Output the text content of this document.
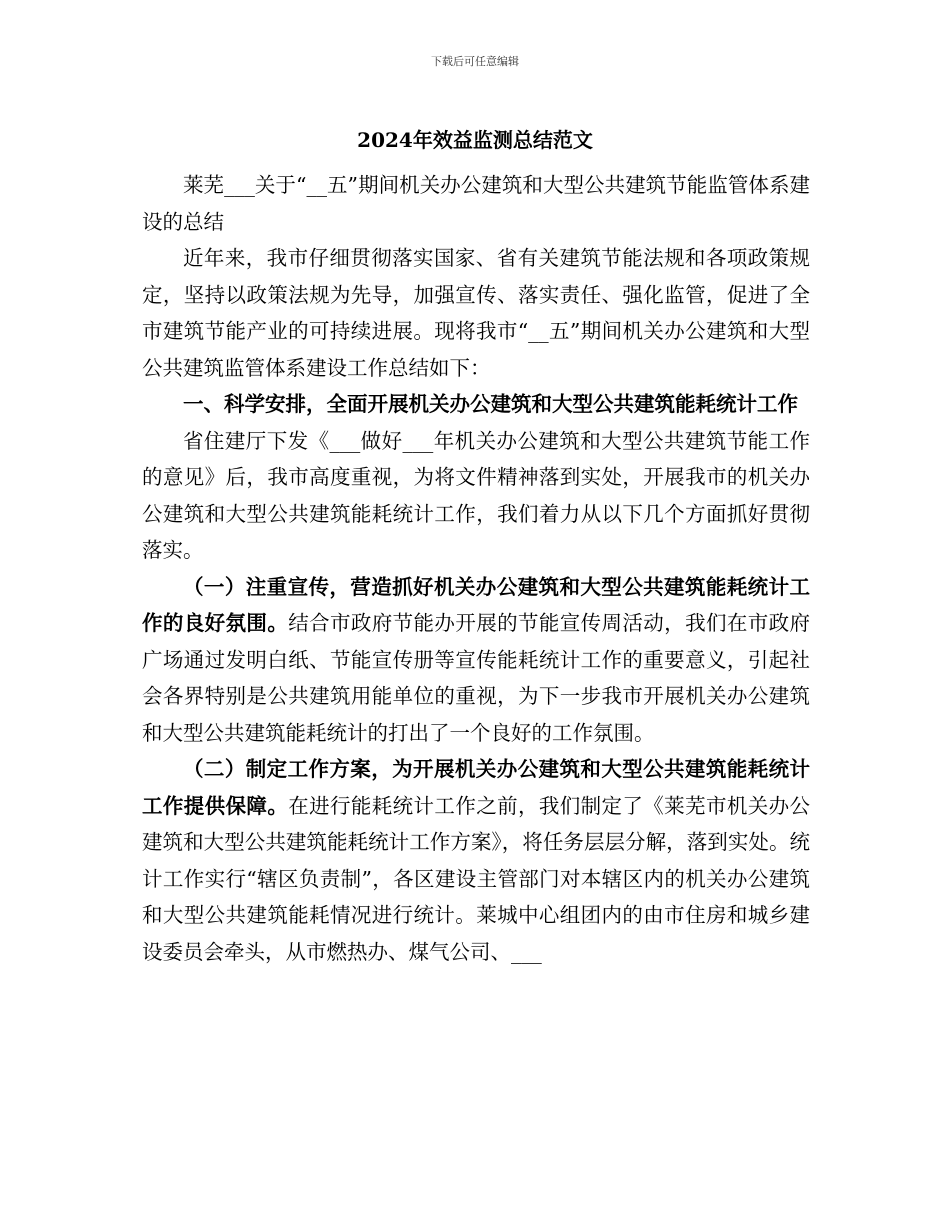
下载后可任意编辑
2024年效益监测总结范文

莱芜___关于“__五”期间机关办公建筑和大型公共建筑节能监管体系建设的总结

近年来，我市仔细贯彻落实国家、省有关建筑节能法规和各项政策规定，坚持以政策法规为先导，加强宣传、落实责任、强化监管，促进了全市建筑节能产业的可持续进展。现将我市“__五”期间机关办公建筑和大型公共建筑监管体系建设工作总结如下：

一、科学安排，全面开展机关办公建筑和大型公共建筑能耗统计工作

省住建厅下发《___做好___年机关办公建筑和大型公共建筑节能工作的意见》后，我市高度重视，为将文件精神落到实处，开展我市的机关办公建筑和大型公共建筑能耗统计工作，我们着力从以下几个方面抓好贯彻落实。

（一）注重宣传，营造抓好机关办公建筑和大型公共建筑能耗统计工作的良好氛围。结合市政府节能办开展的节能宣传周活动，我们在市政府广场通过发明白纸、节能宣传册等宣传能耗统计工作的重要意义，引起社会各界特别是公共建筑用能单位的重视，为下一步我市开展机关办公建筑和大型公共建筑能耗统计的打出了一个良好的工作氛围。

（二）制定工作方案，为开展机关办公建筑和大型公共建筑能耗统计工作提供保障。在进行能耗统计工作之前，我们制定了《莱芜市机关办公建筑和大型公共建筑能耗统计工作方案》，将任务层层分解，落到实处。统计工作实行“辖区负责制”，各区建设主管部门对本辖区内的机关办公建筑和大型公共建筑能耗情况进行统计。莱城中心组团内的由市住房和城乡建设委员会牵头，从市燃热办、煤气公司、___
